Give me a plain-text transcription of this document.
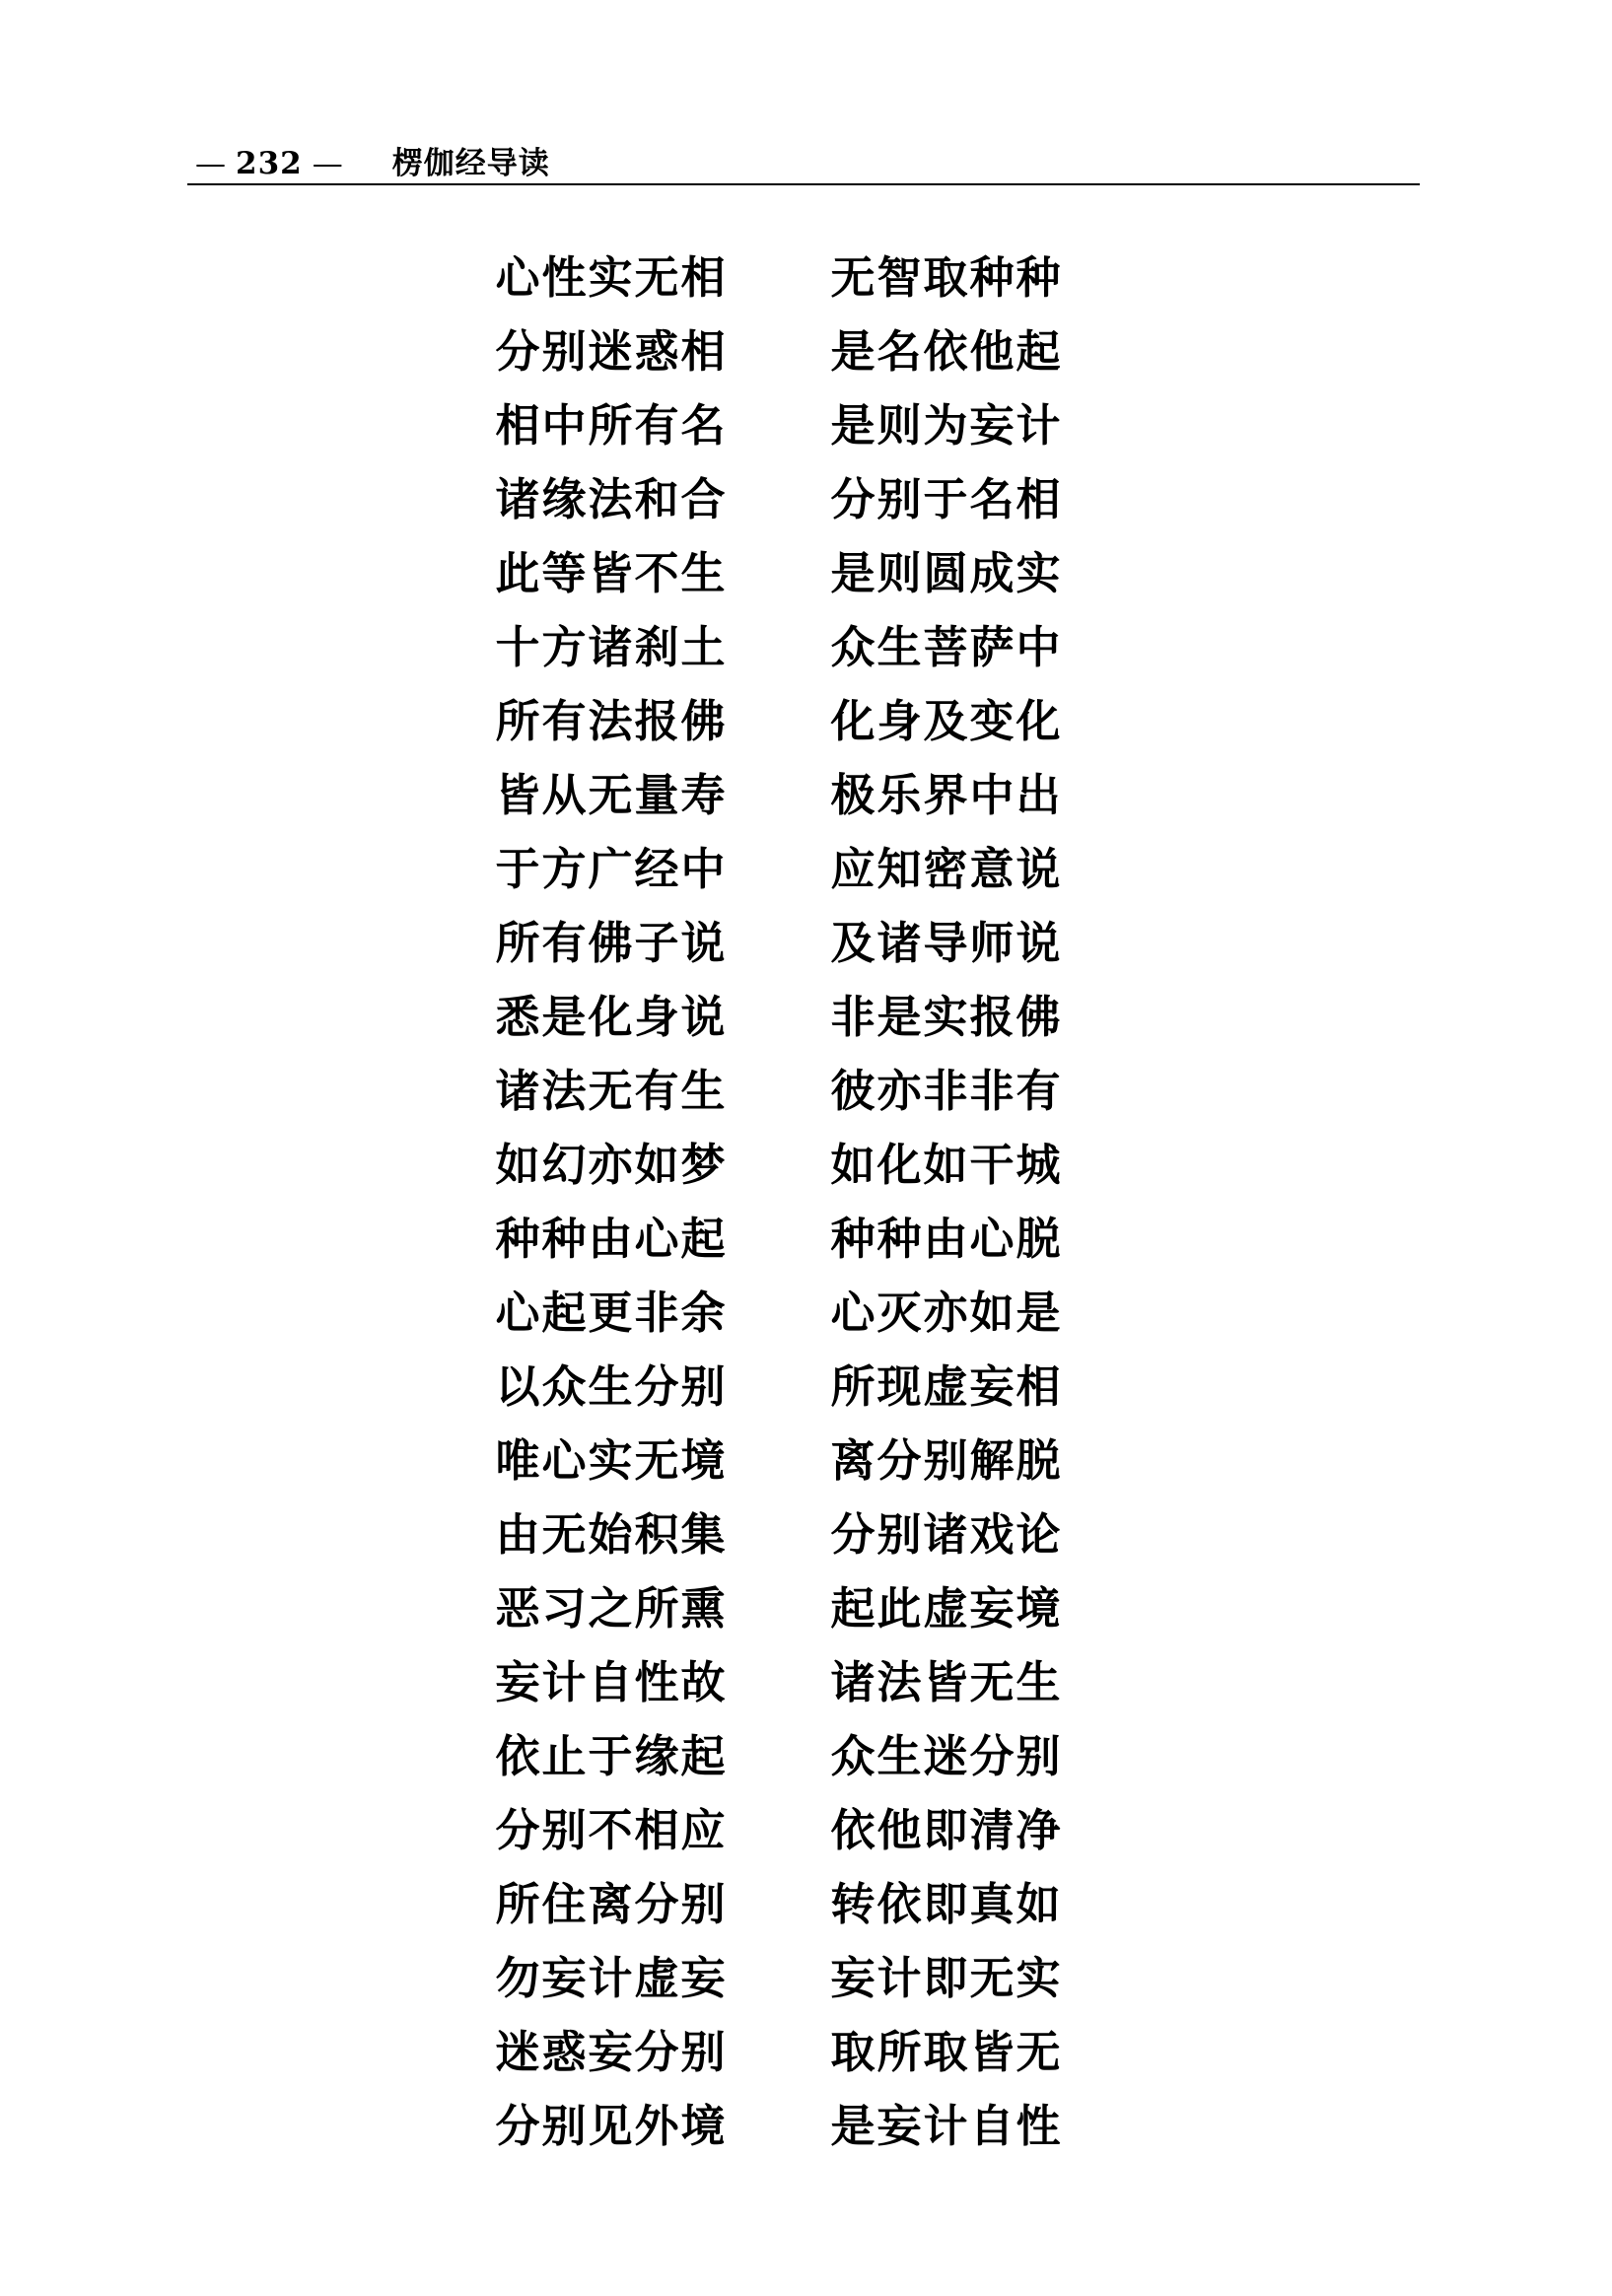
— 232 —	楞伽经导读
心性实无相	无智取种种
分别迷惑相	是名依他起
相中所有名	是则为妄计
诸缘法和合	分别于名相
此等皆不生	是则圆成实
十方诸刹土	众生菩萨中
所有法报佛	化身及变化
皆从无量寿	极乐界中出
于方广经中	应知密意说
所有佛子说	及诸导师说
悉是化身说	非是实报佛
诸法无有生	彼亦非非有
如幻亦如梦	如化如干城
种种由心起	种种由心脱
心起更非余	心灭亦如是
以众生分别	所现虚妄相
唯心实无境	离分别解脱
由无始积集	分别诸戏论
恶习之所熏	起此虚妄境
妄计自性故	诸法皆无生
依止于缘起	众生迷分别
分别不相应	依他即清净
所住离分别	转依即真如
勿妄计虚妄	妄计即无实
迷惑妄分别	取所取皆无
分别见外境	是妄计自性
